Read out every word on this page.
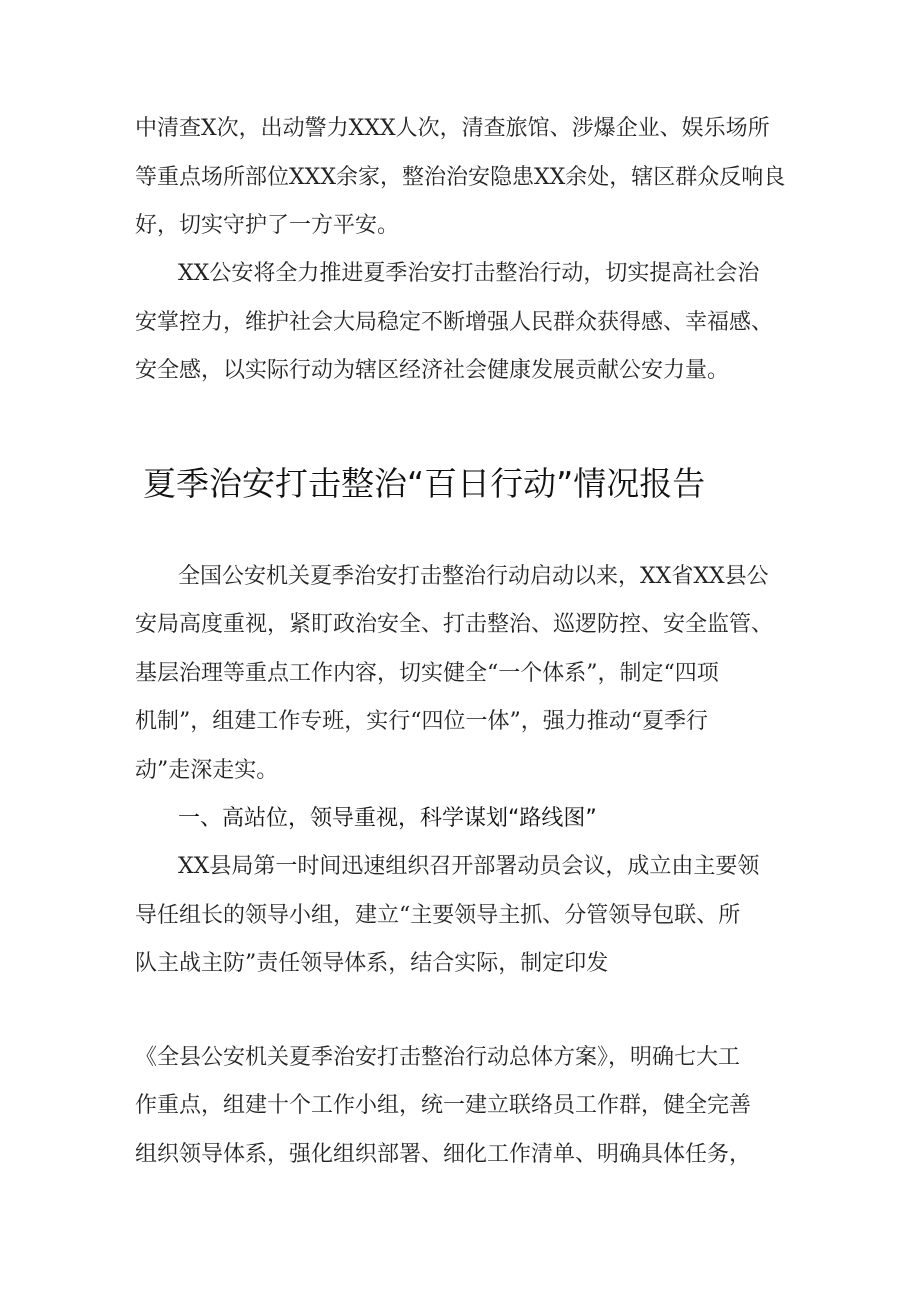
中清查X次，出动警力XXX人次，清查旅馆、涉爆企业、娱乐场所
等重点场所部位XXX余家，整治治安隐患XX余处，辖区群众反响良
好，切实守护了一方平安。
XX公安将全力推进夏季治安打击整治行动，切实提高社会治
安掌控力，维护社会大局稳定不断增强人民群众获得感、幸福感、
安全感，以实际行动为辖区经济社会健康发展贡献公安力量。
夏季治安打击整治“百日行动”情况报告
全国公安机关夏季治安打击整治行动启动以来，XX省XX县公
安局高度重视，紧盯政治安全、打击整治、巡逻防控、安全监管、
基层治理等重点工作内容，切实健全“一个体系”，制定“四项
机制”，组建工作专班，实行“四位一体”，强力推动“夏季行
动”走深走实。
一、高站位，领导重视，科学谋划“路线图”
XX县局第一时间迅速组织召开部署动员会议，成立由主要领
导任组长的领导小组，建立“主要领导主抓、分管领导包联、所
队主战主防”责任领导体系，结合实际，制定印发
《全县公安机关夏季治安打击整治行动总体方案》，明确七大工
作重点，组建十个工作小组，统一建立联络员工作群，健全完善
组织领导体系，强化组织部署、细化工作清单、明确具体任务，
